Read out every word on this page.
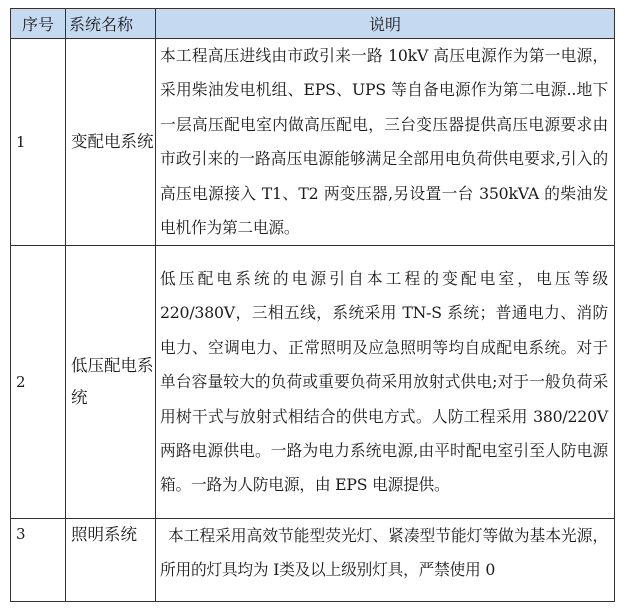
序号	系统名称	说明
1	变配电系统	本工程高压进线由市政引来一路 10kV 高压电源作为第一电源，采用柴油发电机组、EPS、UPS 等自备电源作为第二电源..地下一层高压配电室内做高压配电，三台变压器提供高压电源要求由市政引来的一路高压电源能够满足全部用电负荷供电要求,引入的高压电源接入 T1、T2 两变压器,另设置一台 350kVA 的柴油发电机作为第二电源。
2	低压配电系统	低压配电系统的电源引自本工程的变配电室，电压等级 220/380V，三相五线，系统采用 TN-S 系统；普通电力、消防电力、空调电力、正常照明及应急照明等均自成配电系统。对于单台容量较大的负荷或重要负荷采用放射式供电;对于一般负荷采用树干式与放射式相结合的供电方式。人防工程采用 380/220V 两路电源供电。一路为电力系统电源,由平时配电室引至人防电源箱。一路为人防电源，由 EPS 电源提供。
3	照明系统	本工程采用高效节能型荧光灯、紧凑型节能灯等做为基本光源，所用的灯具均为 Ⅰ类及以上级别灯具，严禁使用 0
